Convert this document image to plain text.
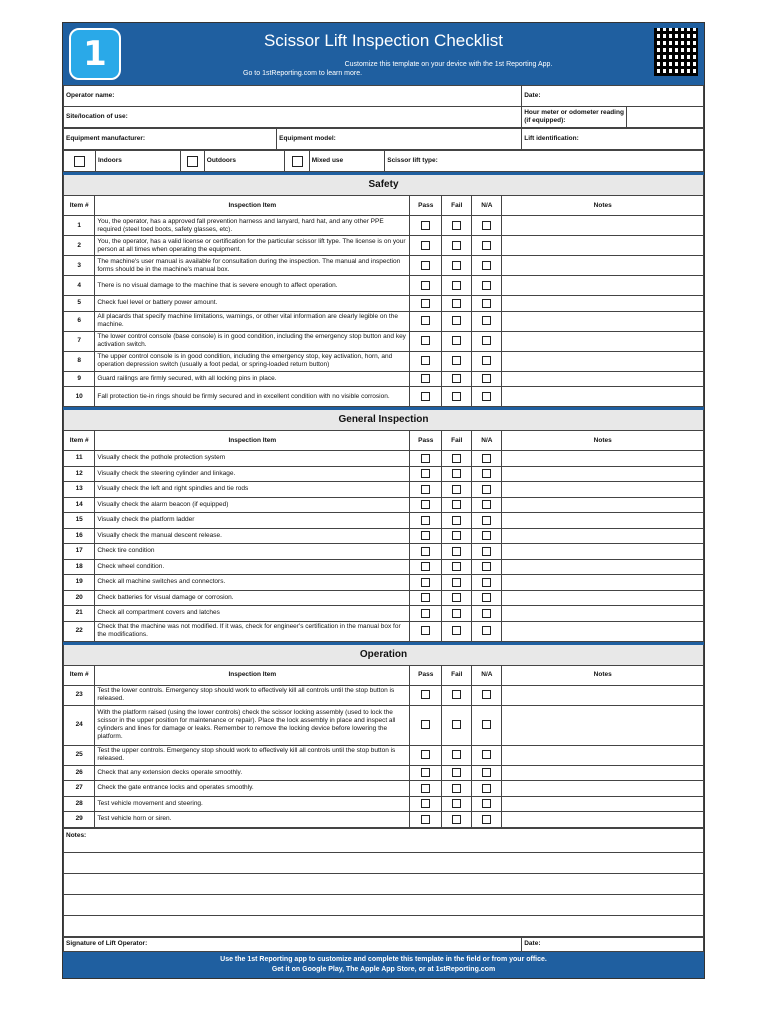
1	Scissor Lift Inspection Checklist
Customize this template on your device with the 1st Reporting App.
Go to 1stReporting.com to learn more.
Operator name:	Date:	
Site/location of use:	Hour meter or odometer reading (if equipped):	
Equipment manufacturer:	Equipment model:	Lift identification:
	Indoors		Outdoors		Mixed use	Scissor lift type:
Safety					
Item #	Inspection Item	Pass	Fail	N/A	Notes
1	You, the operator, has a approved fall prevention harness and lanyard, hard hat, and any other PPE required (steel toed boots, safety glasses, etc).				
2	You, the operator, has a valid license or certification for the particular scissor lift type. The license is on your person at all times when operating the equipment.				
3	The machine's user manual is available for consultation during the inspection. The manual and inspection forms should be in the machine's manual box.				
4	There is no visual damage to the machine that is severe enough to affect operation.				
5	Check fuel level or battery power amount.				
6	All placards that specify machine limitations, warnings, or other vital information are clearly legible on the machine.				
7	The lower control console (base console) is in good condition, including the emergency stop button and key activation switch.				
8	The upper control console is in good condition, including the emergency stop, key activation, horn, and operation depression switch (usually a foot pedal, or spring-loaded return button)				
9	Guard railings are firmly secured, with all locking pins in place.				
10	Fall protection tie-in rings should be firmly secured and in excellent condition with no visible corrosion.				
General Inspection					
Item #	Inspection Item	Pass	Fail	N/A	Notes
11	Visually check the pothole protection system				
12	Visually check the steering cylinder and linkage.				
13	Visually check the left and right spindles and tie rods				
14	Visually check the alarm beacon (if equipped)				
15	Visually check the platform ladder				
16	Visually check the manual descent release.				
17	Check tire condition				
18	Check wheel condition.				
19	Check all machine switches and connectors.				
20	Check batteries for visual damage or corrosion.				
21	Check all compartment covers and latches				
22	Check that the machine was not modified. If it was, check for engineer's certification in the manual box for the modifications.				
Operation					
Item #	Inspection Item	Pass	Fail	N/A	Notes
23	Test the lower controls. Emergency stop should work to effectively kill all controls until the stop button is released.				
24	With the platform raised (using the lower controls) check the scissor locking assembly (used to lock the scissor in the upper position for maintenance or repair). Place the lock assembly in place and inspect all cylinders and lines for damage or leaks. Remember to remove the locking device before lowering the platform.				
25	Test the upper controls. Emergency stop should work to effectively kill all controls until the stop button is released.				
26	Check that any extension decks operate smoothly.				
27	Check the gate entrance locks and operates smoothly.				
28	Test vehicle movement and steering.				
29	Test vehicle horn or siren.				
Notes:

Signature of Lift Operator:	Date:
Use the 1st Reporting app to customize and complete this template in the field or from your office.
Get it on Google Play, The Apple App Store, or at 1stReporting.com
